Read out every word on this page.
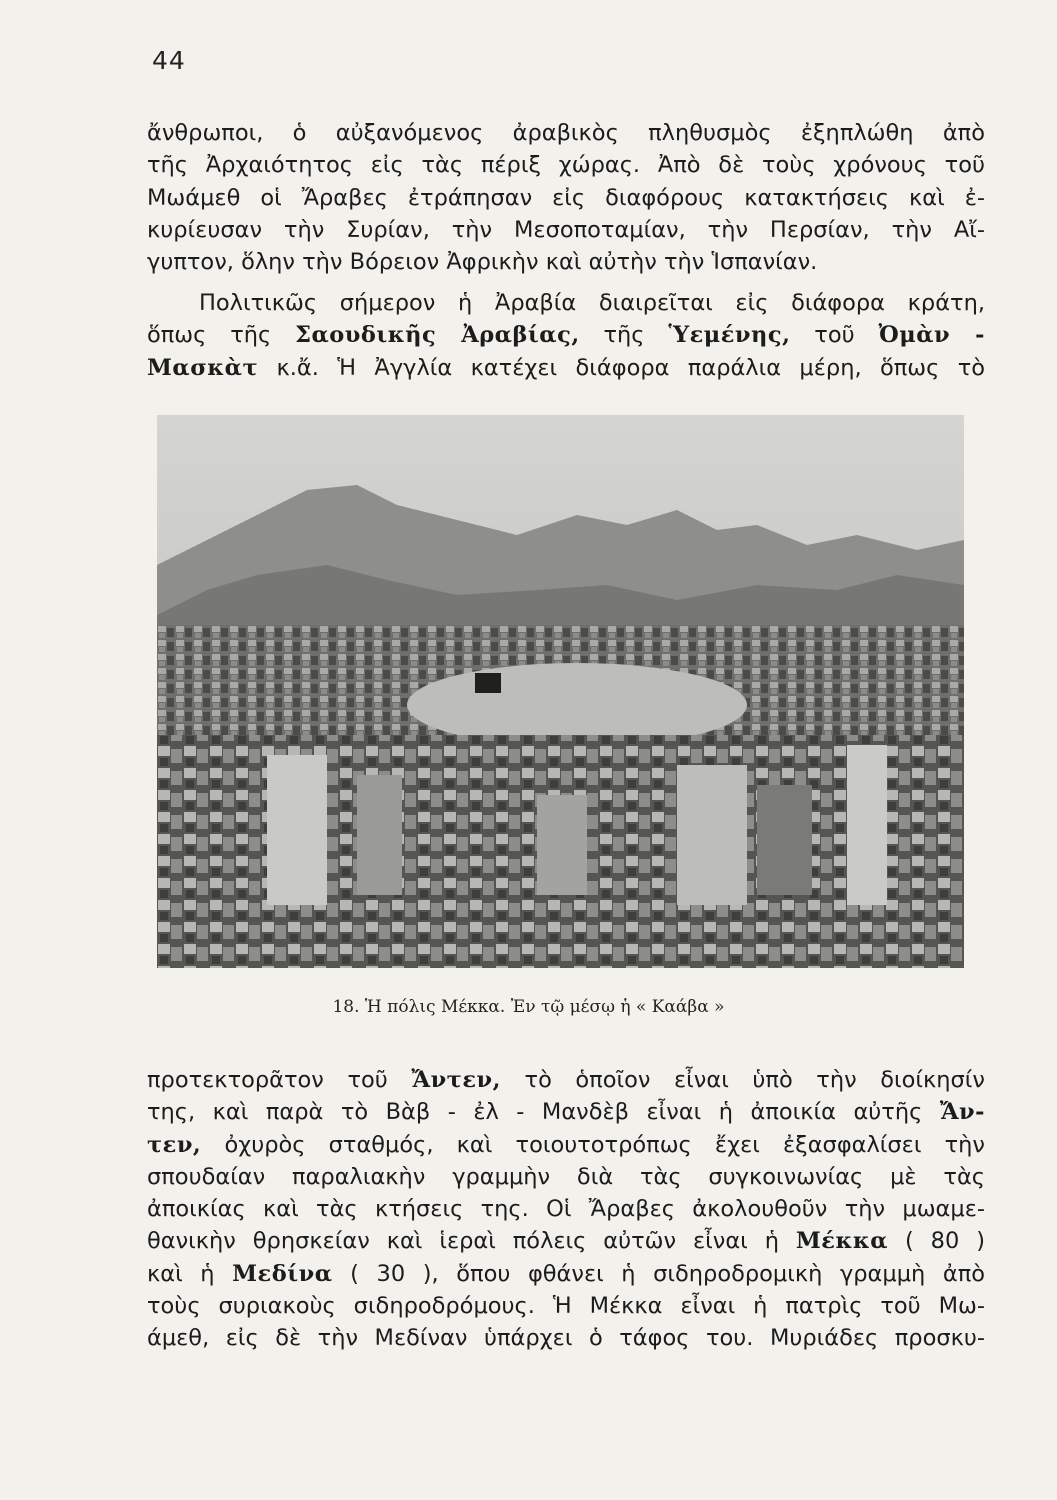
44
ἄνθρωποι, ὁ αὐξανόμενος ἀραβικὸς πληθυσμὸς ἐξηπλώθη ἀπὸ
τῆς Ἀρχαιότητος εἰς τὰς πέριξ χώρας. Ἀπὸ δὲ τοὺς χρόνους τοῦ
Μωάμεθ οἱ Ἄραβες ἐτράπησαν εἰς διαφόρους κατακτήσεις καὶ ἐ-
κυρίευσαν τὴν Συρίαν, τὴν Μεσοποταμίαν, τὴν Περσίαν, τὴν Αἴ-
γυπτον, ὅλην τὴν Βόρειον Ἀφρικὴν καὶ αὐτὴν τὴν Ἱσπανίαν.
Πολιτικῶς σήμερον ἡ Ἀραβία διαιρεῖται εἰς διάφορα κράτη,
ὅπως τῆς Σαουδικῆς Ἀραβίας, τῆς Ὑεμένης, τοῦ Ὀμὰν -
Μασκὰτ κ.ἄ. Ἡ Ἀγγλία κατέχει διάφορα παράλια μέρη, ὅπως τὸ
18. Ἡ πόλις Μέκκα. Ἐν τῷ μέσῳ ἡ « Καάβα »
προτεκτορᾶτον τοῦ Ἄντεν, τὸ ὁποῖον εἶναι ὑπὸ τὴν διοίκησίν
της, καὶ παρὰ τὸ Βὰβ - ἐλ - Μανδὲβ εἶναι ἡ ἀποικία αὐτῆς Ἄν-
τεν, ὀχυρὸς σταθμός, καὶ τοιουτοτρόπως ἔχει ἐξασφαλίσει τὴν
σπουδαίαν παραλιακὴν γραμμὴν διὰ τὰς συγκοινωνίας μὲ τὰς
ἀποικίας καὶ τὰς κτήσεις της. Οἱ Ἄραβες ἀκολουθοῦν τὴν μωαμε-
θανικὴν θρησκείαν καὶ ἱεραὶ πόλεις αὐτῶν εἶναι ἡ Μέκκα ( 80 )
καὶ ἡ Μεδίνα ( 30 ), ὅπου φθάνει ἡ σιδηροδρομικὴ γραμμὴ ἀπὸ
τοὺς συριακοὺς σιδηροδρόμους. Ἡ Μέκκα εἶναι ἡ πατρὶς τοῦ Μω-
άμεθ, εἰς δὲ τὴν Μεδίναν ὑπάρχει ὁ τάφος του. Μυριάδες προσκυ-
